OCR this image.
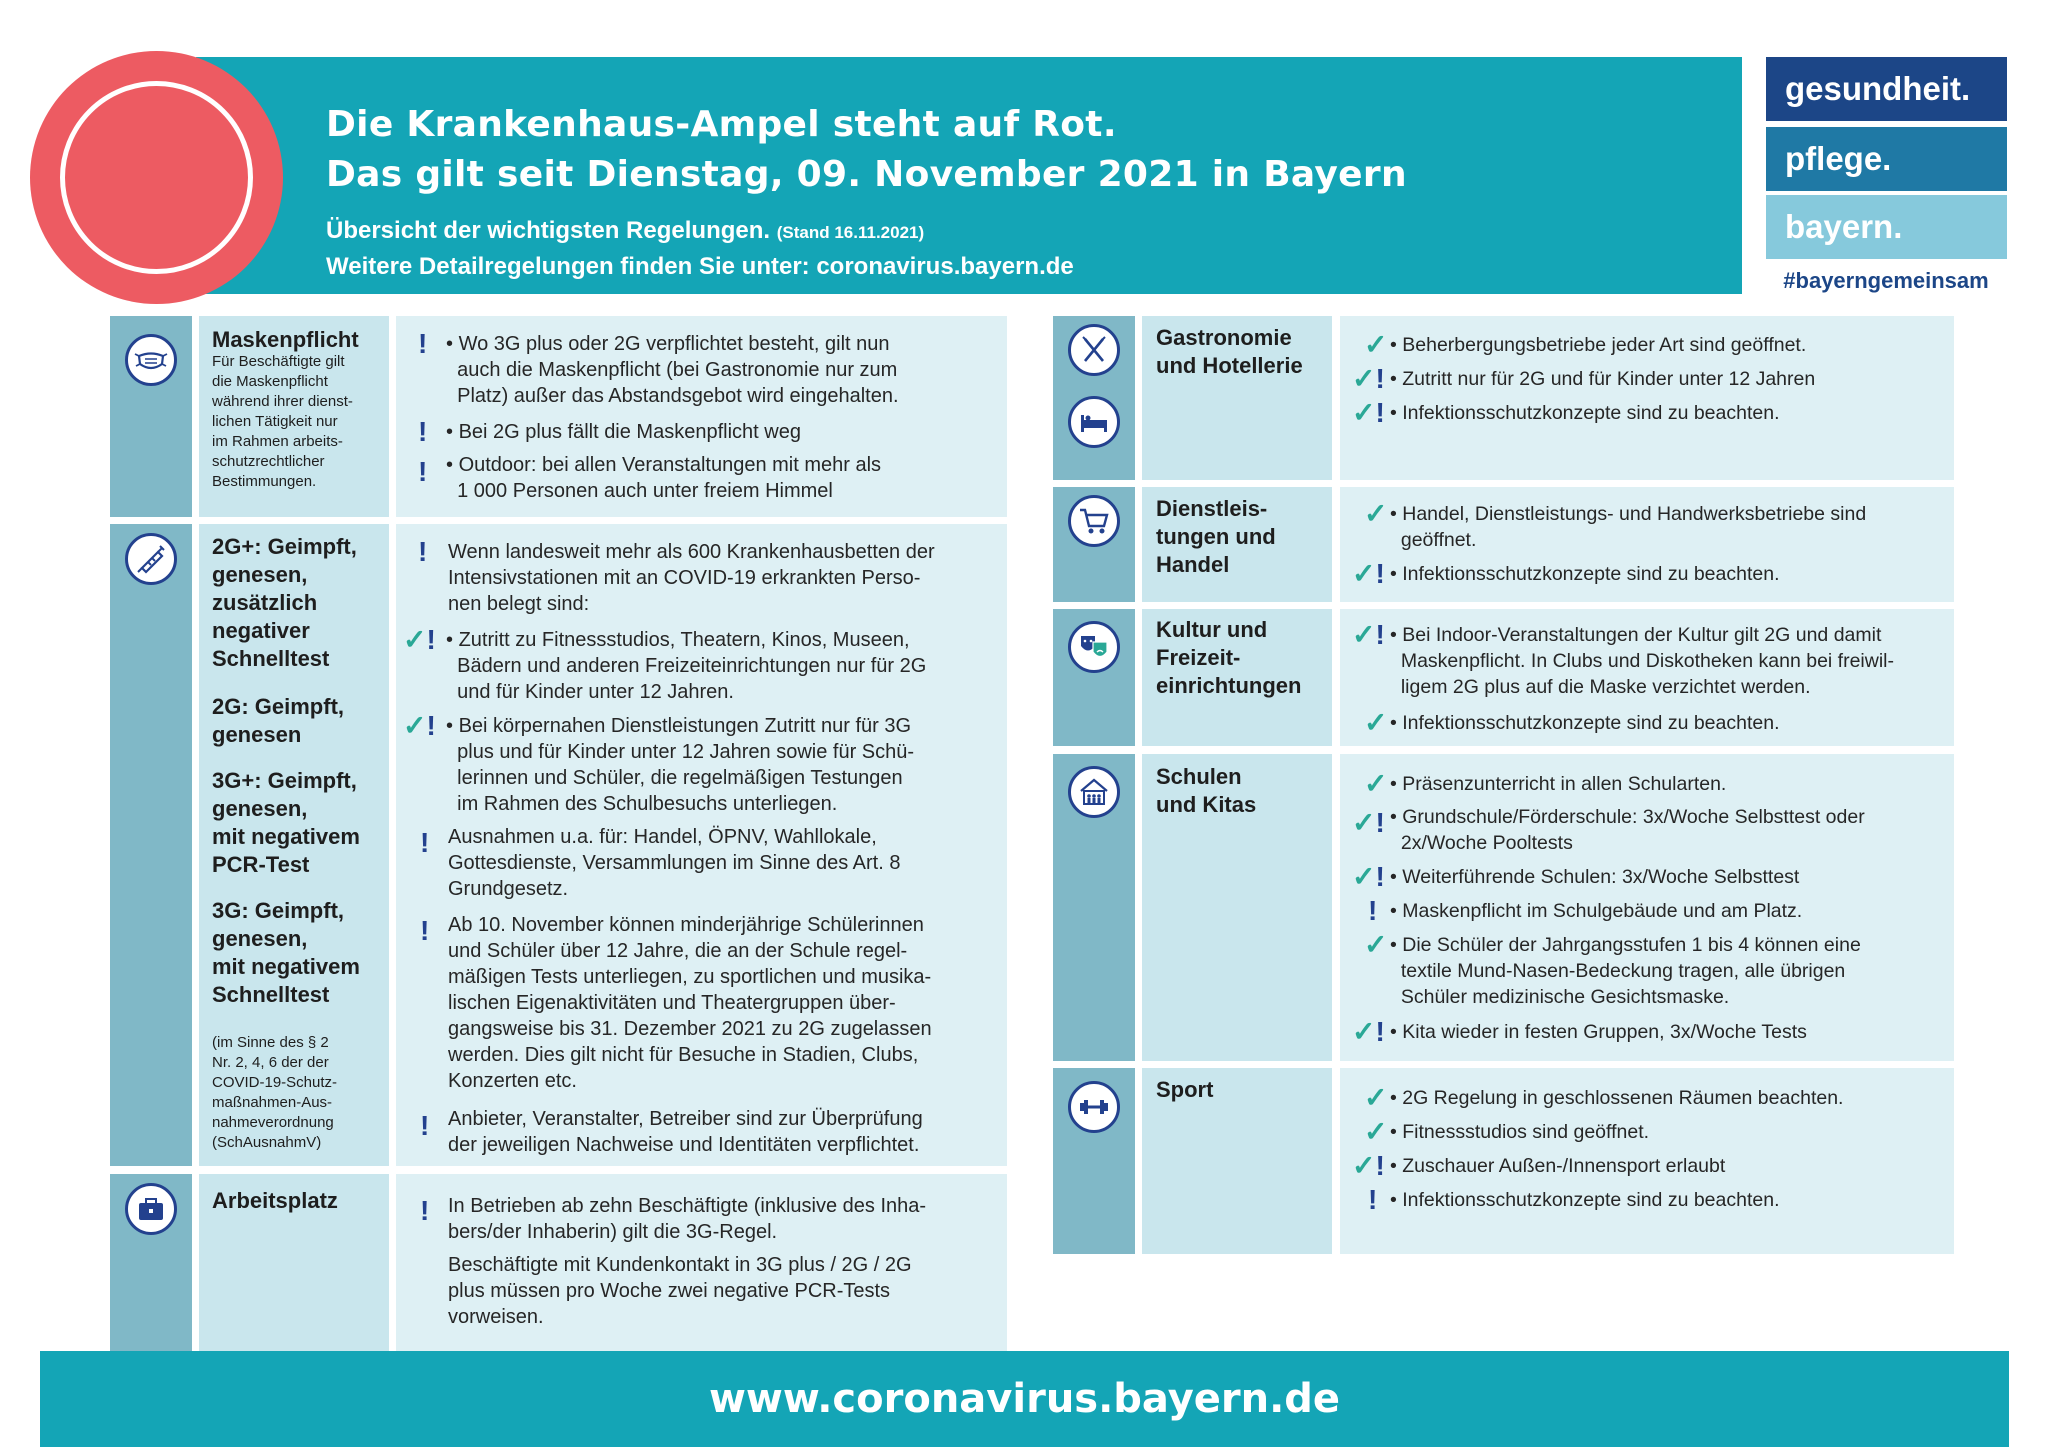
Die Krankenhaus-Ampel steht auf Rot.
Das gilt seit Dienstag, 09. November 2021 in Bayern
Übersicht der wichtigsten Regelungen. (Stand 16.11.2021)
Weitere Detailregelungen finden Sie unter: coronavirus.bayern.de
gesundheit.
pflege.
bayern.
#bayerngemeinsam
Maskenpflicht
Für Beschäftigte gilt
die Maskenpflicht
während ihrer dienst-
lichen Tätigkeit nur
im Rahmen arbeits-
schutzrechtlicher
Bestimmungen.
! • Wo 3G plus oder 2G verpflichtet besteht, gilt nun
auch die Maskenpflicht (bei Gastronomie nur zum
Platz) außer das Abstandsgebot wird eingehalten.
! • Bei 2G plus fällt die Maskenpflicht weg
! • Outdoor: bei allen Veranstaltungen mit mehr als
1 000 Personen auch unter freiem Himmel
2G+: Geimpft,
genesen,
zusätzlich
negativer
Schnelltest
2G: Geimpft,
genesen
3G+: Geimpft,
genesen,
mit negativem
PCR-Test
3G: Geimpft,
genesen,
mit negativem
Schnelltest
(im Sinne des § 2
Nr. 2, 4, 6 der der
COVID-19-Schutz-
maßnahmen-Aus-
nahmeverordnung
(SchAusnahmV)
! Wenn landesweit mehr als 600 Krankenhausbetten der
Intensivstationen mit an COVID-19 erkrankten Perso-
nen belegt sind:
✓! • Zutritt zu Fitnessstudios, Theatern, Kinos, Museen,
Bädern und anderen Freizeiteinrichtungen nur für 2G
und für Kinder unter 12 Jahren.
✓! • Bei körpernahen Dienstleistungen Zutritt nur für 3G
plus und für Kinder unter 12 Jahren sowie für Schü-
lerinnen und Schüler, die regelmäßigen Testungen
im Rahmen des Schulbesuchs unterliegen.
! Ausnahmen u.a. für: Handel, ÖPNV, Wahllokale,
Gottesdienste, Versammlungen im Sinne des Art. 8
Grundgesetz.
! Ab 10. November können minderjährige Schülerinnen
und Schüler über 12 Jahre, die an der Schule regel-
mäßigen Tests unterliegen, zu sportlichen und musika-
lischen Eigenaktivitäten und Theatergruppen über-
gangsweise bis 31. Dezember 2021 zu 2G zugelassen
werden. Dies gilt nicht für Besuche in Stadien, Clubs,
Konzerten etc.
! Anbieter, Veranstalter, Betreiber sind zur Überprüfung
der jeweiligen Nachweise und Identitäten verpflichtet.
Arbeitsplatz	! In Betrieben ab zehn Beschäftigte (inklusive des Inha-
bers/der Inhaberin) gilt die 3G-Regel.
Beschäftigte mit Kundenkontakt in 3G plus / 2G / 2G
plus müssen pro Woche zwei negative PCR-Tests
vorweisen.
Gastronomie
und Hotellerie
✓ • Beherbergungsbetriebe jeder Art sind geöffnet.
✓! • Zutritt nur für 2G und für Kinder unter 12 Jahren
✓! • Infektionsschutzkonzepte sind zu beachten.
Dienstleis-
tungen und
Handel
✓ • Handel, Dienstleistungs- und Handwerksbetriebe sind
geöffnet.
✓! • Infektionsschutzkonzepte sind zu beachten.
Kultur und
Freizeit-
einrichtungen
✓! • Bei Indoor-Veranstaltungen der Kultur gilt 2G und damit
Maskenpflicht. In Clubs und Diskotheken kann bei freiwil-
ligem 2G plus auf die Maske verzichtet werden.
✓ • Infektionsschutzkonzepte sind zu beachten.
Schulen
und Kitas
✓ • Präsenzunterricht in allen Schularten.
✓! • Grundschule/Förderschule: 3x/Woche Selbsttest oder
2x/Woche Pooltests
✓! • Weiterführende Schulen: 3x/Woche Selbsttest
! • Maskenpflicht im Schulgebäude und am Platz.
✓ • Die Schüler der Jahrgangsstufen 1 bis 4 können eine
textile Mund-Nasen-Bedeckung tragen, alle übrigen
Schüler medizinische Gesichtsmaske.
✓! • Kita wieder in festen Gruppen, 3x/Woche Tests
Sport	✓ • 2G Regelung in geschlossenen Räumen beachten.
✓ • Fitnessstudios sind geöffnet.
✓! • Zuschauer Außen-/Innensport erlaubt
! • Infektionsschutzkonzepte sind zu beachten.
www.coronavirus.bayern.de
